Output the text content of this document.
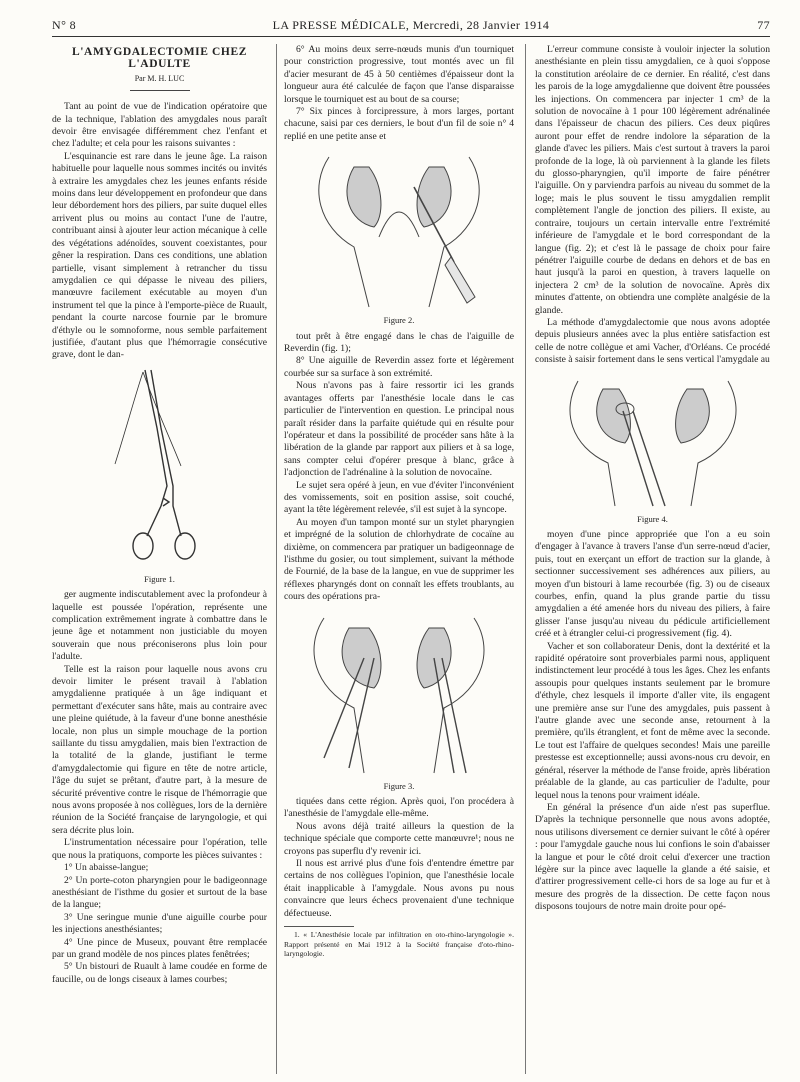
N° 8	LA PRESSE MÉDICALE, Mercredi, 28 Janvier 1914	77
L'AMYGDALECTOMIE CHEZ L'ADULTE
Par M. H. LUC

Tant au point de vue de l'indication opératoire que de la technique, l'ablation des amygdales nous paraît devoir être envisagée différemment chez l'enfant et chez l'adulte; et cela pour les raisons suivantes :

L'esquinancie est rare dans le jeune âge. La raison habituelle pour laquelle nous sommes incités ou invités à extraire les amygdales chez les jeunes enfants réside moins dans leur développement en profondeur que dans leur débordement hors des piliers, par suite duquel elles arrivent plus ou moins au contact l'une de l'autre, contribuant ainsi à ajouter leur action mécanique à celle des végétations adénoïdes, souvent coexistantes, pour gêner la respiration. Dans ces conditions, une ablation partielle, visant simplement à retrancher du tissu amygdalien ce qui dépasse le niveau des piliers, manœuvre facilement exécutable au moyen d'un instrument tel que la pince à l'emporte-pièce de Ruault, pendant la courte narcose fournie par le bromure d'éthyle ou le somnoforme, nous semble parfaitement justifiée, d'autant plus que l'hémorragie consécutive grave, dont le dan-

Figure 1.

ger augmente indiscutablement avec la profondeur à laquelle est poussée l'opération, représente une complication extrêmement ingrate à combattre dans le jeune âge et notamment non justiciable du moyen souverain que nous préconiserons plus loin pour l'adulte.

Telle est la raison pour laquelle nous avons cru devoir limiter le présent travail à l'ablation amygdalienne pratiquée à un âge indiquant et permettant d'exécuter sans hâte, mais au contraire avec une pleine quiétude, à la faveur d'une bonne anesthésie locale, non plus un simple mouchage de la portion saillante du tissu amygdalien, mais bien l'extraction de la totalité de la glande, justifiant le terme d'amygdalectomie qui figure en tête de notre article, l'âge du sujet se prêtant, d'autre part, à la mesure de sécurité préventive contre le risque de l'hémorragie que nous avons proposée à nos collègues, lors de la dernière réunion de la Société française de laryngologie, et qui sera décrite plus loin.

L'instrumentation nécessaire pour l'opération, telle que nous la pratiquons, comporte les pièces suivantes :

1° Un abaisse-langue;

2° Un porte-coton pharyngien pour le badigeonnage anesthésiant de l'isthme du gosier et surtout de la base de la langue;

3° Une seringue munie d'une aiguille courbe pour les injections anesthésiantes;

4° Une pince de Museux, pouvant être remplacée par un grand modèle de nos pinces plates fenêtrées;

5° Un bistouri de Ruault à lame coudée en forme de faucille, ou de longs ciseaux à lames courbes;

6° Au moins deux serre-nœuds munis d'un tourniquet pour constriction progressive, tout montés avec un fil d'acier mesurant de 45 à 50 centièmes d'épaisseur dont la longueur aura été calculée de façon que l'anse disparaisse lorsque le tourniquet est au bout de sa course;

7° Six pinces à forcipressure, à mors larges, portant chacune, saisi par ces derniers, le bout d'un fil de soie n° 4 replié en une petite anse et

Figure 2.

tout prêt à être engagé dans le chas de l'aiguille de Reverdin (fig. 1);

8° Une aiguille de Reverdin assez forte et légèrement courbée sur sa surface à son extrémité.

Nous n'avons pas à faire ressortir ici les grands avantages offerts par l'anesthésie locale dans le cas particulier de l'intervention en question. Le principal nous paraît résider dans la parfaite quiétude qui en résulte pour l'opérateur et dans la possibilité de procéder sans hâte à la libération de la glande par rapport aux piliers et à sa loge, sans compter celui d'opérer presque à blanc, grâce à l'adjonction de l'adrénaline à la solution de novocaïne.

Le sujet sera opéré à jeun, en vue d'éviter l'inconvénient des vomissements, soit en position assise, soit couché, ayant la tête légèrement relevée, s'il est sujet à la syncope.

Au moyen d'un tampon monté sur un stylet pharyngien et imprégné de la solution de chlorhydrate de cocaïne au dixième, on commencera par pratiquer un badigeonnage de l'isthme du gosier, ou tout simplement, suivant la méthode de Fournié, de la base de la langue, en vue de supprimer les réflexes pharyngés dont on connaît les effets troublants, au cours des opérations pra-

Figure 3.

tiquées dans cette région. Après quoi, l'on procédera à l'anesthésie de l'amygdale elle-même.

Nous avons déjà traité ailleurs la question de la technique spéciale que comporte cette manœuvre¹; nous ne croyons pas superflu d'y revenir ici.

Il nous est arrivé plus d'une fois d'entendre émettre par certains de nos collègues l'opinion, que l'anesthésie locale était inapplicable à l'amygdale. Nous avons pu nous convaincre que leurs échecs provenaient d'une technique défectueuse.

1. « L'Anesthésie locale par infiltration en oto-rhino-laryngologie ». Rapport présenté en Mai 1912 à la Société française d'oto-rhino-laryngologie.

L'erreur commune consiste à vouloir injecter la solution anesthésiante en plein tissu amygdalien, ce à quoi s'oppose la constitution aréolaire de ce dernier. En réalité, c'est dans les parois de la loge amygdalienne que doivent être poussées les injections. On commencera par injecter 1 cm³ de la solution de novocaïne à 1 pour 100 légèrement adrénalinée dans l'épaisseur de chacun des piliers. Ces deux piqûres auront pour effet de rendre indolore la séparation de la glande d'avec les piliers. Mais c'est surtout à travers la paroi profonde de la loge, là où parviennent à la glande les filets du glosso-pharyngien, qu'il importe de faire pénétrer l'aiguille. On y parviendra parfois au niveau du sommet de la loge; mais le plus souvent le tissu amygdalien remplit complètement l'angle de jonction des piliers. Il existe, au contraire, toujours un certain intervalle entre l'extrémité inférieure de l'amygdale et le bord correspondant de la langue (fig. 2); et c'est là le passage de choix pour faire pénétrer l'aiguille courbe de dedans en dehors et de bas en haut jusqu'à la paroi en question, à travers laquelle on injectera 2 cm³ de la solution de novocaïne. Après dix minutes d'attente, on obtiendra une complète analgésie de la glande.

La méthode d'amygdalectomie que nous avons adoptée depuis plusieurs années avec la plus entière satisfaction est celle de notre collègue et ami Vacher, d'Orléans. Ce procédé consiste à saisir fortement dans le sens vertical l'amygdale au

Figure 4.

moyen d'une pince appropriée que l'on a eu soin d'engager à l'avance à travers l'anse d'un serre-nœud d'acier, puis, tout en exerçant un effort de traction sur la glande, à sectionner successivement ses adhérences aux piliers, au moyen d'un bistouri à lame recourbée (fig. 3) ou de ciseaux courbes, enfin, quand la plus grande partie du tissu amygdalien a été amenée hors du niveau des piliers, à faire glisser l'anse jusqu'au niveau du pédicule artificiellement créé et à étrangler celui-ci progressivement (fig. 4).

Vacher et son collaborateur Denis, dont la dextérité et la rapidité opératoire sont proverbiales parmi nous, appliquent indistinctement leur procédé à tous les âges. Chez les enfants assoupis pour quelques instants seulement par le bromure d'éthyle, chez lesquels il importe d'aller vite, ils engagent une première anse sur l'une des amygdales, puis passent à l'autre glande avec une seconde anse, retournent à la première, qu'ils étranglent, et font de même avec la seconde. Le tout est l'affaire de quelques secondes! Mais une pareille prestesse est exceptionnelle; aussi avons-nous cru devoir, en général, réserver la méthode de l'anse froide, après libération préalable de la glande, au cas particulier de l'adulte, pour lequel nous la tenons pour vraiment idéale.

En général la présence d'un aide n'est pas superflue. D'après la technique personnelle que nous avons adoptée, nous utilisons diversement ce dernier suivant le côté à opérer : pour l'amygdale gauche nous lui confions le soin d'abaisser la langue et pour le côté droit celui d'exercer une traction légère sur la pince avec laquelle la glande a été saisie, et d'attirer progressivement celle-ci hors de sa loge au fur et à mesure des progrès de la dissection. De cette façon nous disposons toujours de notre main droite pour opé-
